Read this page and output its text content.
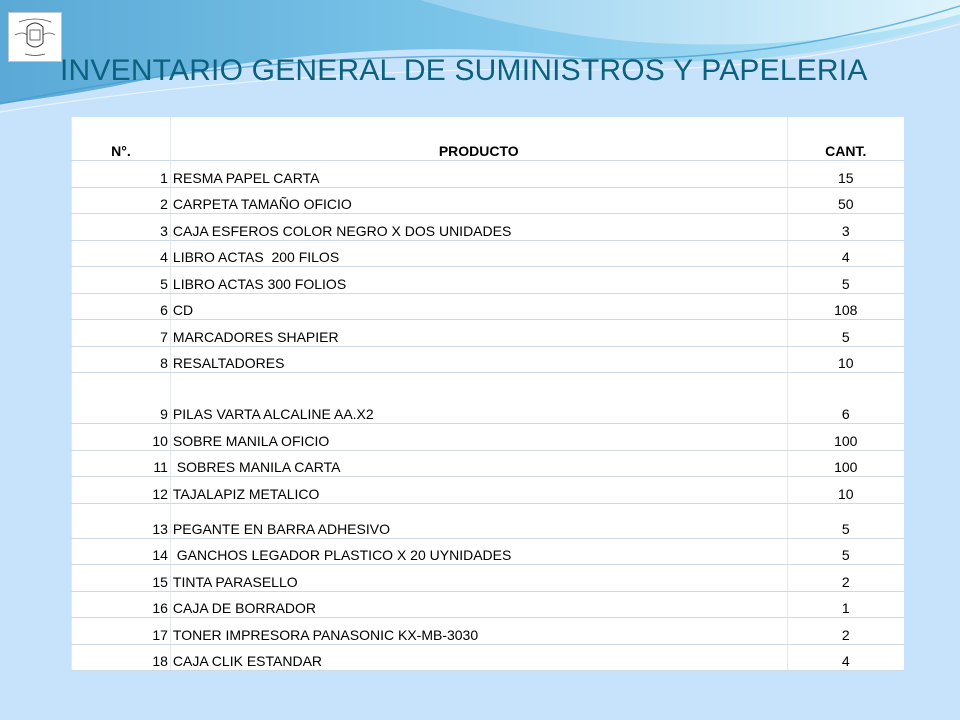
INVENTARIO GENERAL DE SUMINISTROS Y PAPELERIA
N°.	PRODUCTO	CANT.
1	RESMA PAPEL CARTA	15
2	CARPETA TAMAÑO OFICIO	50
3	CAJA ESFEROS COLOR NEGRO X DOS UNIDADES	3
4	LIBRO ACTAS  200 FILOS	4
5	LIBRO ACTAS 300 FOLIOS	5
6	CD	108
7	MARCADORES SHAPIER	5
8	RESALTADORES	10
9	PILAS VARTA ALCALINE AA.X2	6
10	SOBRE MANILA OFICIO	100
11	SOBRES MANILA CARTA	100
12	TAJALAPIZ METALICO	10
13	PEGANTE EN BARRA ADHESIVO	5
14	GANCHOS LEGADOR PLASTICO X 20 UYNIDADES	5
15	TINTA PARASELLO	2
16	CAJA DE BORRADOR	1
17	TONER IMPRESORA PANASONIC KX-MB-3030	2
18	CAJA CLIK ESTANDAR	4
